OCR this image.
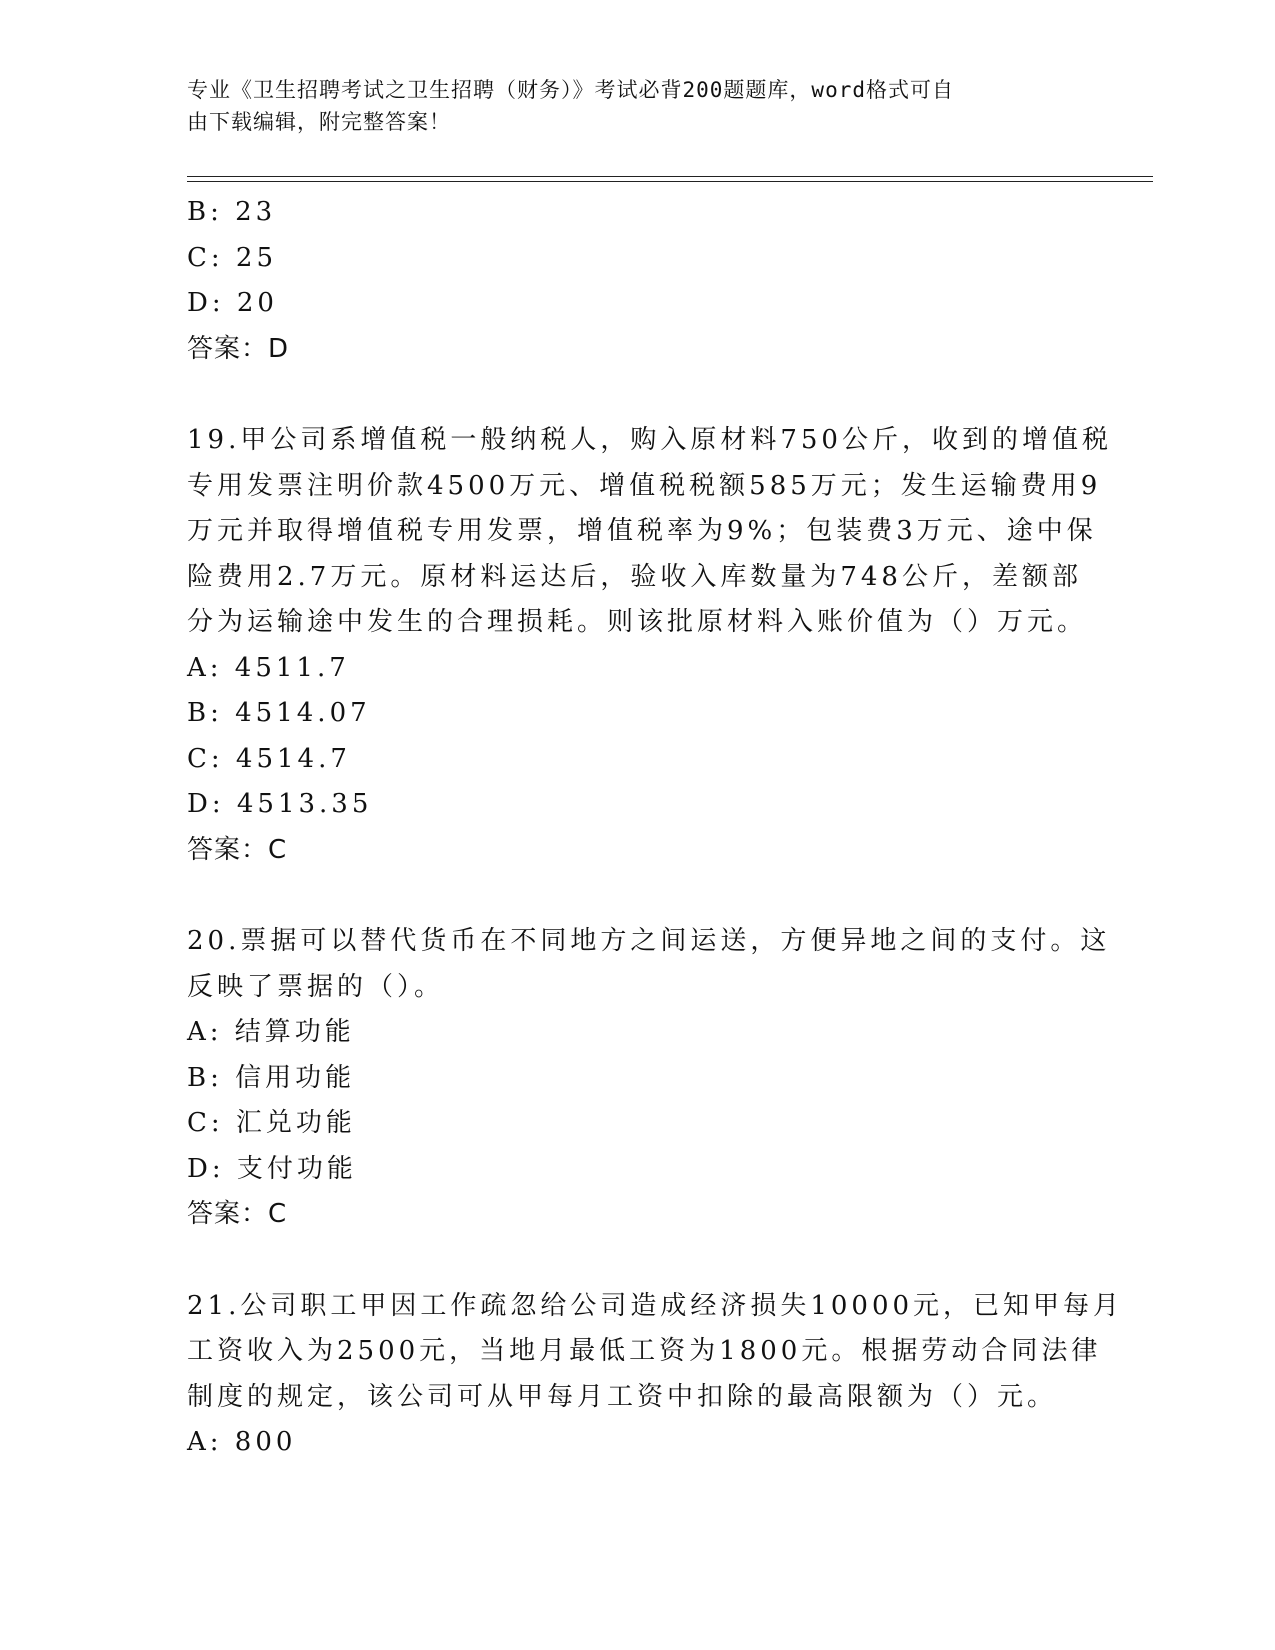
专业《卫生招聘考试之卫生招聘（财务）》考试必背200题题库，word格式可自
由下载编辑，附完整答案！
B: 23
C: 25
D: 20
答案：D
19.甲公司系增值税一般纳税人，购入原材料750公斤，收到的增值税
专用发票注明价款4500万元、增值税税额585万元；发生运输费用9
万元并取得增值税专用发票，增值税率为9%；包装费3万元、途中保
险费用2.7万元。原材料运达后，验收入库数量为748公斤，差额部
分为运输途中发生的合理损耗。则该批原材料入账价值为（）万元。
A: 4511.7
B: 4514.07
C: 4514.7
D: 4513.35
答案：C
20.票据可以替代货币在不同地方之间运送，方便异地之间的支付。这
反映了票据的（）。
A: 结算功能
B: 信用功能
C: 汇兑功能
D: 支付功能
答案：C
21.公司职工甲因工作疏忽给公司造成经济损失10000元，已知甲每月
工资收入为2500元，当地月最低工资为1800元。根据劳动合同法律
制度的规定，该公司可从甲每月工资中扣除的最高限额为（）元。
A: 800
